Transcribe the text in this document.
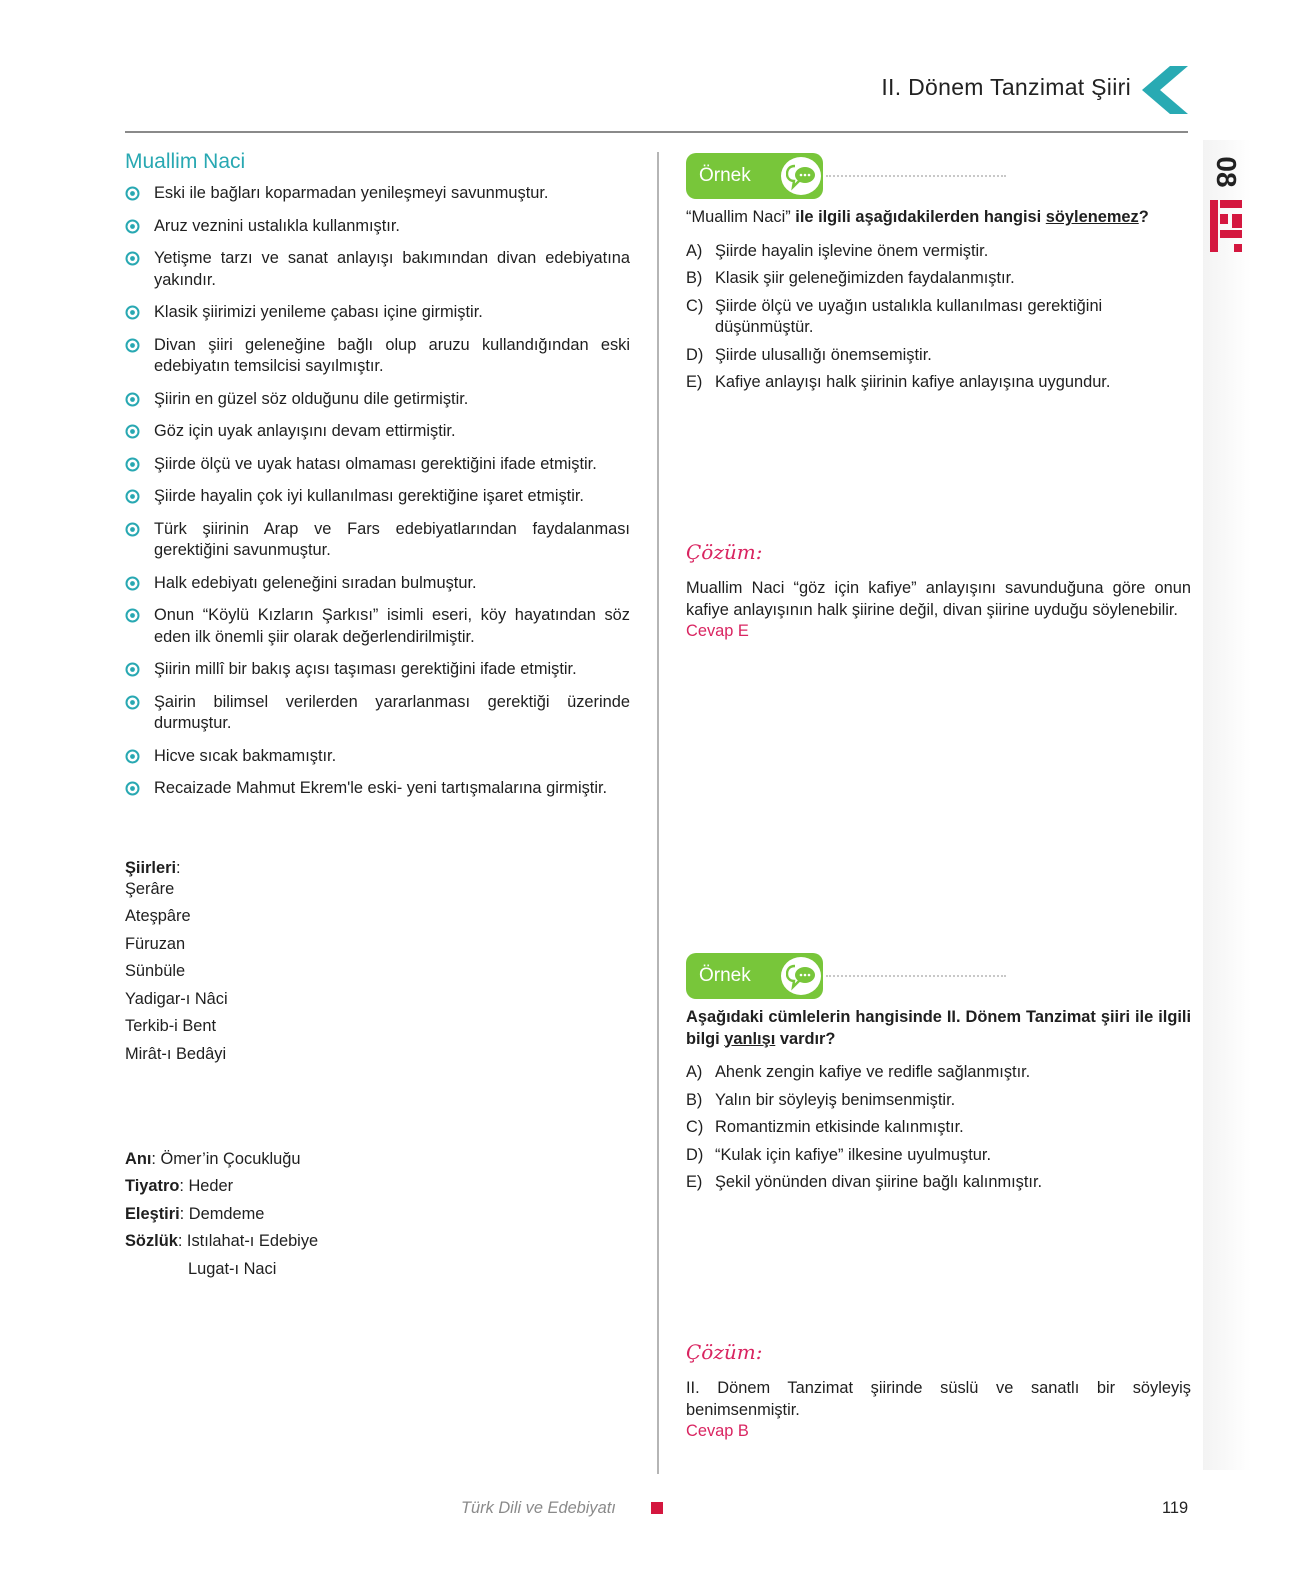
II. Dönem Tanzimat Şiiri
08
Muallim Naci
Eski ile bağları koparmadan yenileşmeyi savunmuştur.
Aruz veznini ustalıkla kullanmıştır.
Yetişme tarzı ve sanat anlayışı bakımından divan edebiyatına yakındır.
Klasik şiirimizi yenileme çabası içine girmiştir.
Divan şiiri geleneğine bağlı olup aruzu kullandığından eski edebiyatın temsilcisi sayılmıştır.
Şiirin en güzel söz olduğunu dile getirmiştir.
Göz için uyak anlayışını devam ettirmiştir.
Şiirde ölçü ve uyak hatası olmaması gerektiğini ifade etmiştir.
Şiirde hayalin çok iyi kullanılması gerektiğine işaret etmiştir.
Türk şiirinin Arap ve Fars edebiyatlarından faydalanması gerektiğini savunmuştur.
Halk edebiyatı geleneğini sıradan bulmuştur.
Onun “Köylü Kızların Şarkısı” isimli eseri, köy hayatından söz eden ilk önemli şiir olarak değerlendirilmiştir.
Şiirin millî bir bakış açısı taşıması gerektiğini ifade etmiştir.
Şairin bilimsel verilerden yararlanması gerektiği üzerinde durmuştur.
Hicve sıcak bakmamıştır.
Recaizade Mahmut Ekrem'le eski- yeni tartışmalarına girmiştir.
Şiirleri:
Şerâre
Ateşpâre
Füruzan
Sünbüle
Yadigar-ı Nâci
Terkib-i Bent
Mirât-ı Bedâyi
Anı: Ömer’in Çocukluğu
Tiyatro: Heder
Eleştiri: Demdeme
Sözlük: Istılahat-ı Edebiye
Lugat-ı Naci
Örnek
“Muallim Naci” ile ilgili aşağıdakilerden hangisi söylenemez?
A) Şiirde hayalin işlevine önem vermiştir.
B) Klasik şiir geleneğimizden faydalanmıştır.
C) Şiirde ölçü ve uyağın ustalıkla kullanılması gerektiğini düşünmüştür.
D) Şiirde ulusallığı önemsemiştir.
E) Kafiye anlayışı halk şiirinin kafiye anlayışına uygundur.
Çözüm:
Muallim Naci “göz için kafiye” anlayışını savunduğuna göre onun kafiye anlayışının halk şiirine değil, divan şiirine uyduğu söylenebilir.
Cevap E
Örnek
Aşağıdaki cümlelerin hangisinde II. Dönem Tanzimat şiiri ile ilgili bilgi yanlışı vardır?
A) Ahenk zengin kafiye ve redifle sağlanmıştır.
B) Yalın bir söyleyiş benimsenmiştir.
C) Romantizmin etkisinde kalınmıştır.
D) “Kulak için kafiye” ilkesine uyulmuştur.
E) Şekil yönünden divan şiirine bağlı kalınmıştır.
Çözüm:
II. Dönem Tanzimat şiirinde süslü ve sanatlı bir söyleyiş benimsenmiştir.
Cevap B
Türk Dili ve Edebiyatı	119
